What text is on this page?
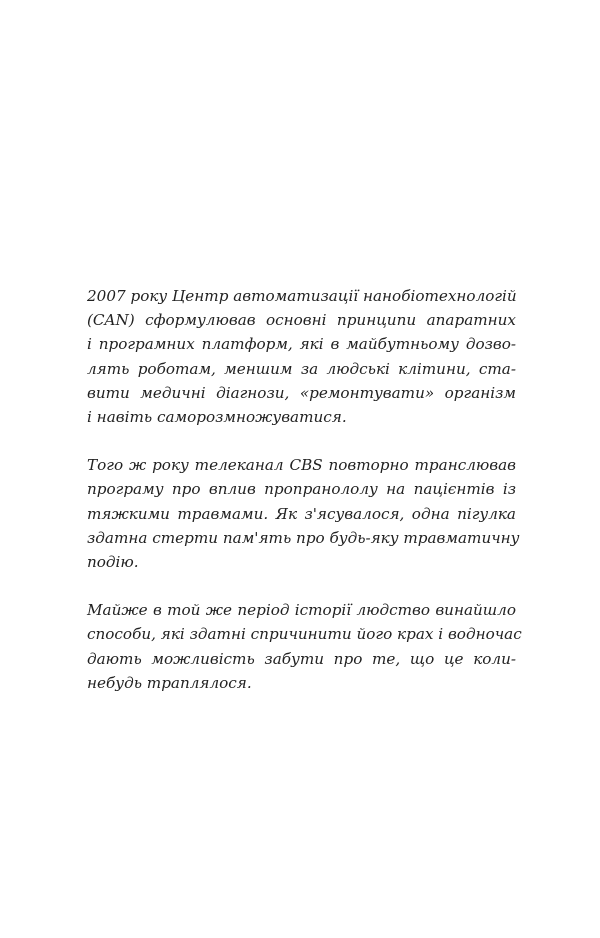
2007 року Центр автоматизації нанобіотехнологій
(CAN) сформулював основні принципи апаратних
і програмних платформ, які в майбутньому дозво-
лять роботам, меншим за людські клітини, ста-
вити медичні діагнози, «ремонтувати» організм
і навіть саморозмножуватися.

Того ж року телеканал CBS повторно транслював
програму про вплив пропранололу на пацієнтів із
тяжкими травмами. Як з'ясувалося, одна пігулка
здатна стерти пам'ять про будь-яку травматичну
подію.

Майже в той же період історії людство винайшло
способи, які здатні спричинити його крах і водночас
дають можливість забути про те, що це коли-
небудь траплялося.
